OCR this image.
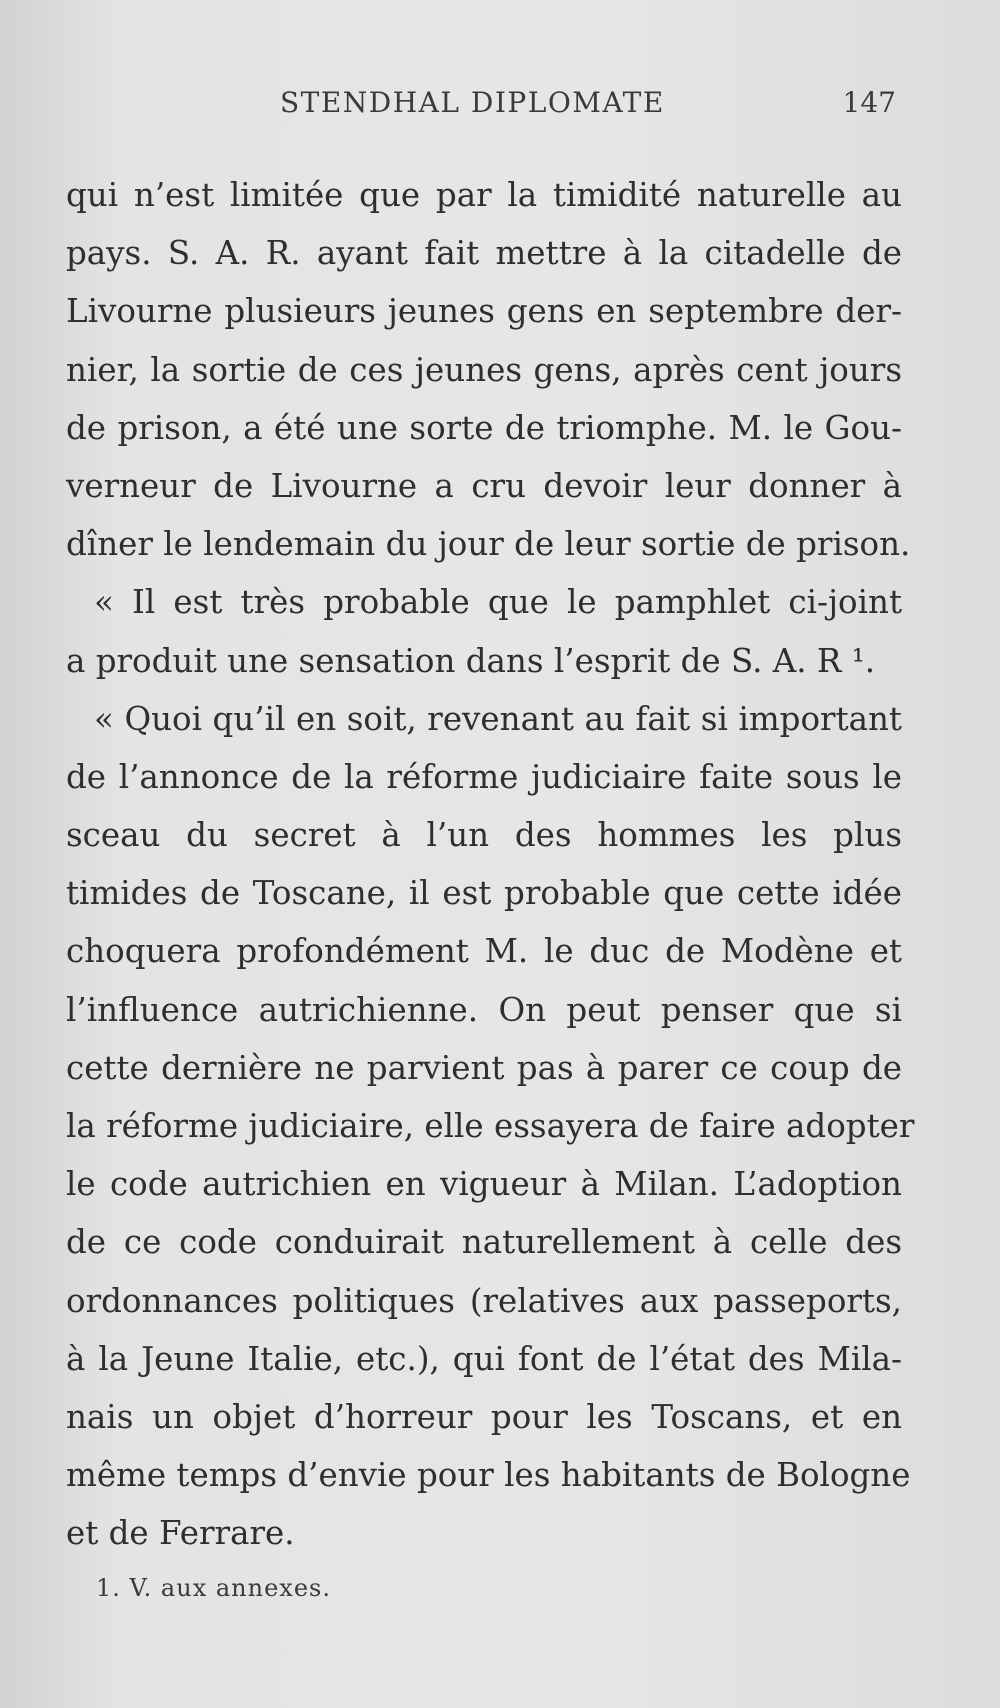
STENDHAL DIPLOMATE	147
qui n’est limitée que par la timidité naturelle au
pays. S. A. R. ayant fait mettre à la citadelle de
Livourne plusieurs jeunes gens en septembre der-
nier, la sortie de ces jeunes gens, après cent jours
de prison, a été une sorte de triomphe. M. le Gou-
verneur de Livourne a cru devoir leur donner à
dîner le lendemain du jour de leur sortie de prison.
« Il est très probable que le pamphlet ci-joint
a produit une sensation dans l’esprit de S. A. R ¹.
« Quoi qu’il en soit, revenant au fait si important
de l’annonce de la réforme judiciaire faite sous le
sceau du secret à l’un des hommes les plus
timides de Toscane, il est probable que cette idée
choquera profondément M. le duc de Modène et
l’influence autrichienne. On peut penser que si
cette dernière ne parvient pas à parer ce coup de
la réforme judiciaire, elle essayera de faire adopter
le code autrichien en vigueur à Milan. L’adoption
de ce code conduirait naturellement à celle des
ordonnances politiques (relatives aux passeports,
à la Jeune Italie, etc.), qui font de l’état des Mila-
nais un objet d’horreur pour les Toscans, et en
même temps d’envie pour les habitants de Bologne
et de Ferrare.
1. V. aux annexes.
